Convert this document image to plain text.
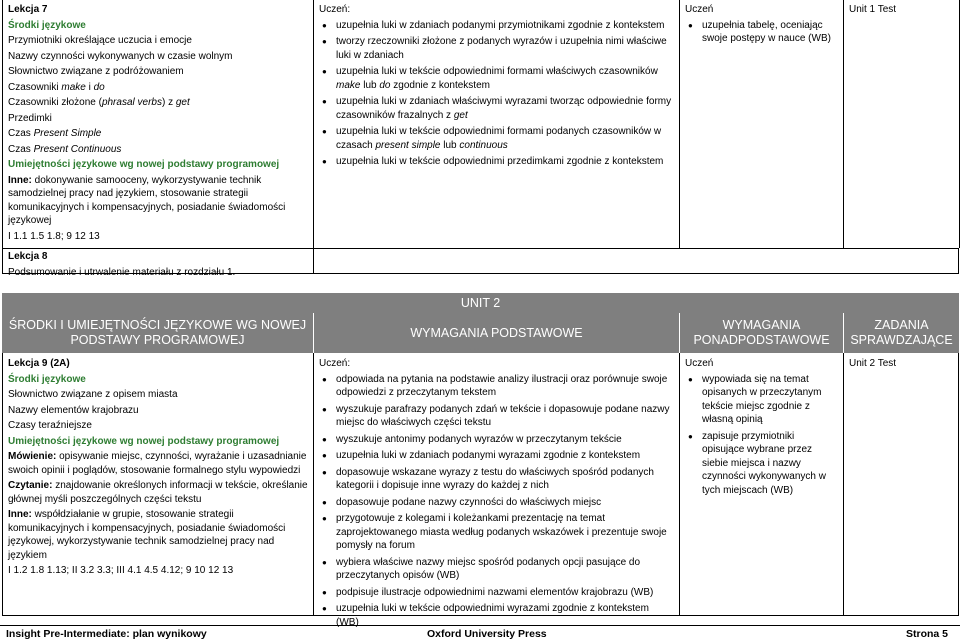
Lekcja 7
Środki językowe
Przymiotniki określające uczucia i emocje
Nazwy czynności wykonywanych w czasie wolnym
Słownictwo związane z podróżowaniem
Czasowniki make i do
Czasowniki złożone (phrasal verbs) z get
Przedimki
Czas Present Simple
Czas Present Continuous
Umiejętności językowe wg nowej podstawy programowej
Inne: dokonywanie samooceny, wykorzystywanie technik samodzielnej pracy nad językiem, stosowanie strategii komunikacyjnych i kompensacyjnych, posiadanie świadomości językowej
I 1.1 1.5 1.8; 9 12 13
Uczeń:
● uzupełnia luki w zdaniach podanymi przymiotnikami zgodnie z kontekstem
● tworzy rzeczowniki złożone z podanych wyrazów i uzupełnia nimi właściwe luki w zdaniach
● uzupełnia luki w tekście odpowiednimi formami właściwych czasowników make lub do zgodnie z kontekstem
● uzupełnia luki w zdaniach właściwymi wyrazami tworząc odpowiednie formy czasowników frazalnych z get
● uzupełnia luki w tekście odpowiednimi formami podanych czasowników w czasach present simple lub continuous
● uzupełnia luki w tekście odpowiednimi przedimkami zgodnie z kontekstem
Uczeń
● uzupełnia tabelę, oceniając swoje postępy w nauce (WB)
Unit 1 Test
Lekcja 8
Podsumowanie i utrwalenie materiału z rozdziału 1.
UNIT 2
ŚRODKI I UMIEJĘTNOŚCI JĘZYKOWE WG NOWEJ PODSTAWY PROGRAMOWEJ
WYMAGANIA PODSTAWOWE
WYMAGANIA PONADPODSTAWOWE
ZADANIA SPRAWDZAJĄCE
Lekcja 9 (2A)
Środki językowe
Słownictwo związane z opisem miasta
Nazwy elementów krajobrazu
Czasy teraźniejsze
Umiejętności językowe wg nowej podstawy programowej
Mówienie: opisywanie miejsc, czynności, wyrażanie i uzasadnianie swoich opinii i poglądów, stosowanie formalnego stylu wypowiedzi
Czytanie: znajdowanie określonych informacji w tekście, określanie głównej myśli poszczególnych części tekstu
Inne: współdziałanie w grupie, stosowanie strategii komunikacyjnych i kompensacyjnych, posiadanie świadomości językowej, wykorzystywanie technik samodzielnej pracy nad językiem
I 1.2 1.8 1.13; II 3.2 3.3; III 4.1 4.5 4.12; 9 10 12 13
Uczeń:
● odpowiada na pytania na podstawie analizy ilustracji oraz porównuje swoje odpowiedzi z przeczytanym tekstem
● wyszukuje parafrazy podanych zdań w tekście i dopasowuje podane nazwy miejsc do właściwych części tekstu
● wyszukuje antonimy podanych wyrazów w przeczytanym tekście
● uzupełnia luki w zdaniach podanymi wyrazami zgodnie z kontekstem
● dopasowuje wskazane wyrazy z testu do właściwych spośród podanych kategorii i dopisuje inne wyrazy do każdej z nich
● dopasowuje podane nazwy czynności do właściwych miejsc
● przygotowuje z kolegami i koleżankami prezentację na temat zaprojektowanego miasta według podanych wskazówek i prezentuje swoje pomysły na forum
● wybiera właściwe nazwy miejsc spośród podanych opcji pasujące do przeczytanych opisów (WB)
● podpisuje ilustracje odpowiednimi nazwami elementów krajobrazu (WB)
● uzupełnia luki w tekście odpowiednimi wyrazami zgodnie z kontekstem (WB)
Uczeń
● wypowiada się na temat opisanych w przeczytanym tekście miejsc zgodnie z własną opinią
● zapisuje przymiotniki opisujące wybrane przez siebie miejsca i nazwy czynności wykonywanych w tych miejscach (WB)
Unit 2 Test
Insight Pre-Intermediate: plan wynikowy	Oxford University Press	Strona 5
